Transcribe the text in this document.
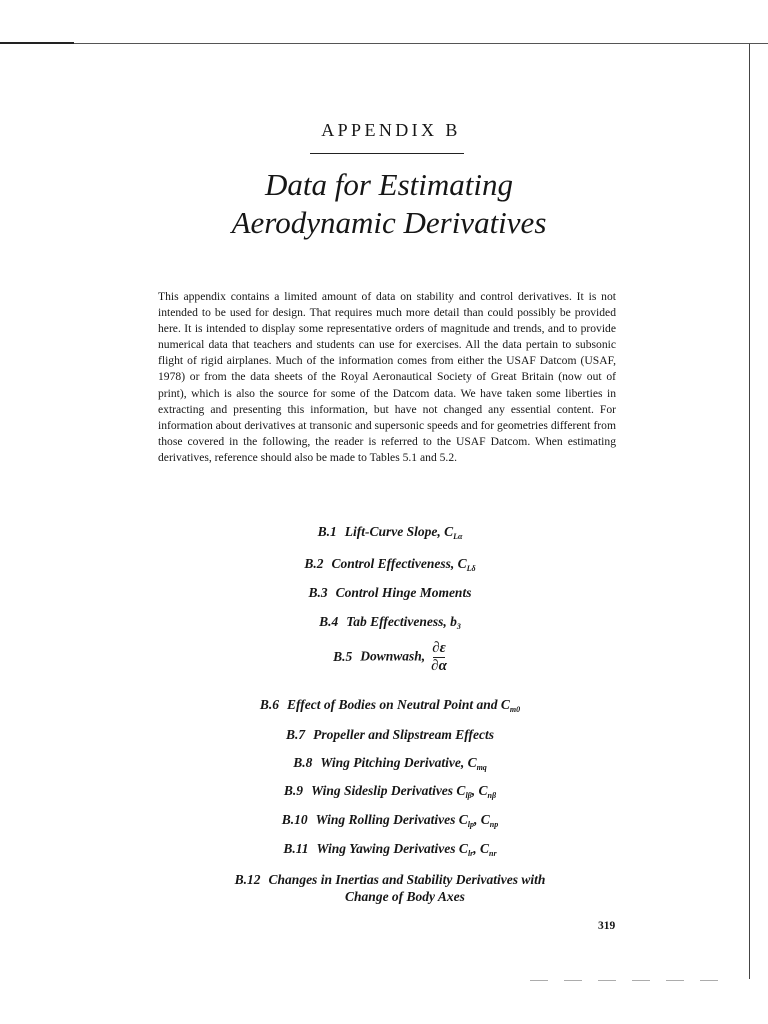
APPENDIX B
Data for Estimating
Aerodynamic Derivatives

This appendix contains a limited amount of data on stability and control derivatives. It is not intended to be used for design. That requires much more detail than could possibly be provided here. It is intended to display some representative orders of magnitude and trends, and to provide numerical data that teachers and students can use for exercises. All the data pertain to subsonic flight of rigid airplanes. Much of the information comes from either the USAF Datcom (USAF, 1978) or from the data sheets of the Royal Aeronautical Society of Great Britain (now out of print), which is also the source for some of the Datcom data. We have taken some liberties in extracting and presenting this information, but have not changed any essential content. For information about derivatives at transonic and supersonic speeds and for geometries different from those covered in the following, the reader is referred to the USAF Datcom. When estimating derivatives, reference should also be made to Tables 5.1 and 5.2.

B.1 Lift-Curve Slope, $C_{L\alpha}$
B.2 Control Effectiveness, $C_{L\delta}$
B.3 Control Hinge Moments
B.4 Tab Effectiveness, $b_3$
B.5 Downwash, $\frac{\partial\varepsilon}{\partial\alpha}$
B.6 Effect of Bodies on Neutral Point and $C_{m0}$
B.7 Propeller and Slipstream Effects
B.8 Wing Pitching Derivative, $C_{mq}$
B.9 Wing Sideslip Derivatives $C_{l\beta}$, $C_{n\beta}$
B.10 Wing Rolling Derivatives $C_{lp}$, $C_{np}$
B.11 Wing Yawing Derivatives $C_{lr}$, $C_{nr}$
B.12 Changes in Inertias and Stability Derivatives with
Change of Body Axes
319
